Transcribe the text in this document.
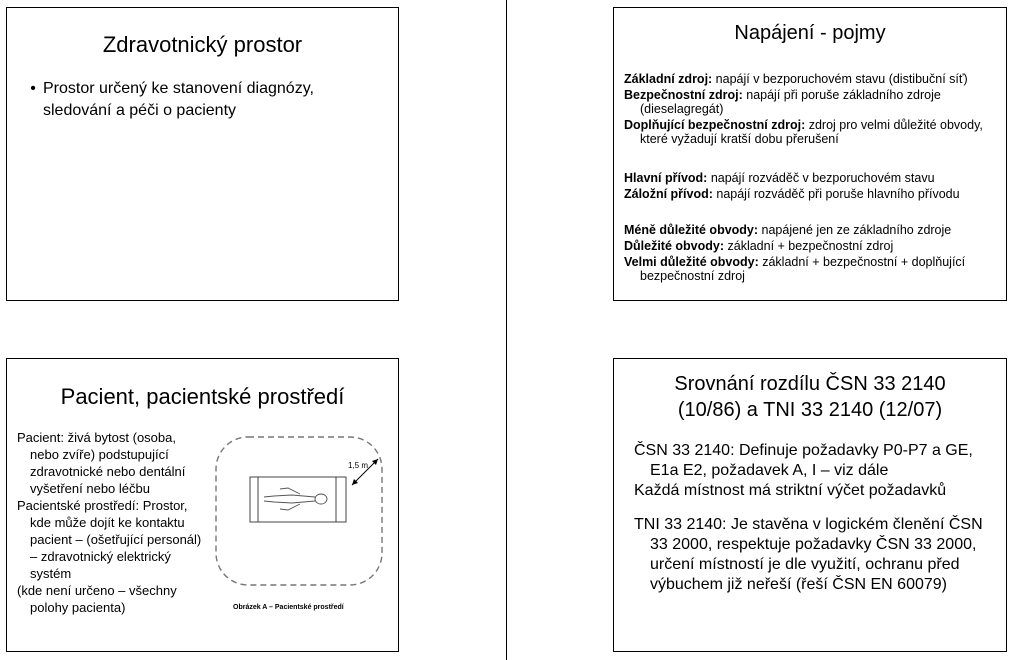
Zdravotnický prostor
• Prostor určený ke stanovení diagnózy, sledování a péči o pacienty
Napájení - pojmy
Základní zdroj: napájí v bezporuchovém stavu (distibuční síť)
Bezpečnostní zdroj: napájí při poruše základního zdroje (dieselagregát)
Doplňující bezpečnostní zdroj: zdroj pro velmi důležité obvody, které vyžadují kratší dobu přerušení
Hlavní přívod: napájí rozváděč v bezporuchovém stavu
Záložní přívod: napájí rozváděč při poruše hlavního přívodu
Méně důležité obvody: napájené jen ze základního zdroje
Důležité obvody: základní + bezpečnostní zdroj
Velmi důležité obvody: základní + bezpečnostní + doplňující bezpečnostní zdroj
Pacient, pacientské prostředí

Pacient: živá bytost (osoba, nebo zvíře) podstupující zdravotnické nebo dentální vyšetření nebo léčbu

Pacientské prostředí: Prostor, kde může dojít ke kontaktu pacient – (ošetřující personál) – zdravotnický elektrický systém

(kde není určeno – všechny polohy pacienta)

1,5 m
Obrázek A – Pacientské prostředí
Srovnání rozdílu ČSN 33 2140
(10/86) a TNI 33 2140 (12/07)

ČSN 33 2140: Definuje požadavky P0-P7 a GE, E1a E2, požadavek A, I – viz dále

Každá místnost má striktní výčet požadavků

TNI 33 2140: Je stavěna v logickém členění ČSN 33 2000, respektuje požadavky ČSN 33 2000, určení místností je dle využití, ochranu před výbuchem již neřeší (řeší ČSN EN 60079)
